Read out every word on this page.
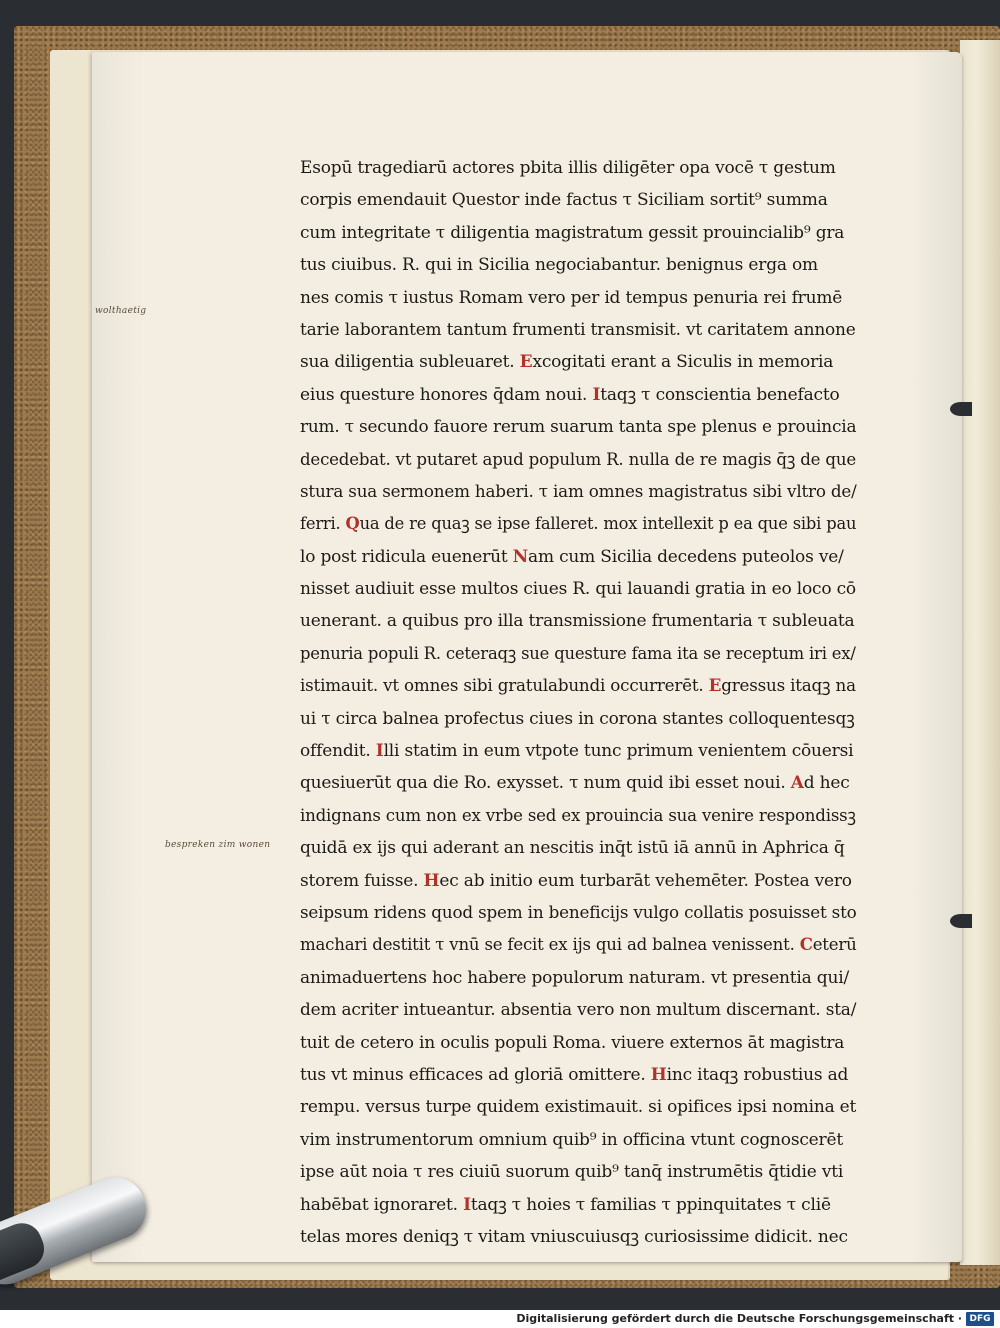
wolthaetig
bespreken zim wonen
Esopū tragediarū actores pbita illis diligēter opa vocē τ gestum
corpis emendauit Questor inde factus τ Siciliam sortit⁹ summa
cum integritate τ diligentia magistratum gessit prouincialib⁹ gra
tus ciuibus. R. qui in Sicilia negociabantur. benignus erga om
nes comis τ iustus Romam vero per id tempus penuria rei frumē
tarie laborantem tantum frumenti transmisit. vt caritatem annone
sua diligentia subleuaret. Excogitati erant a Siculis in memoria
eius questure honores q̄dam noui. Itaqꝫ τ conscientia benefacto
rum. τ secundo fauore rerum suarum tanta spe plenus e prouincia
decedebat. vt putaret apud populum R. nulla de re magis q̄ꝫ de que
stura sua sermonem haberi. τ iam omnes magistratus sibi vltro de/
ferri. Qua de re quaꝫ se ipse falleret. mox intellexit p ea que sibi pau
lo post ridicula euenerūt Nam cum Sicilia decedens puteolos ve/
nisset audiuit esse multos ciues R. qui lauandi gratia in eo loco cō
uenerant. a quibus pro illa transmissione frumentaria τ subleuata
penuria populi R. ceteraqꝫ sue questure fama ita se receptum iri ex/
istimauit. vt omnes sibi gratulabundi occurrerēt. Egressus itaqꝫ na
ui τ circa balnea profectus ciues in corona stantes colloquentesqꝫ
offendit. Illi statim in eum vtpote tunc primum venientem cōuersi
quesiuerūt qua die Ro. exysset. τ num quid ibi esset noui. Ad hec
indignans cum non ex vrbe sed ex prouincia sua venire respondissꝫ
quidā ex ijs qui aderant an nescitis inq̄t istū iā annū in Aphrica q̄
storem fuisse. Hec ab initio eum turbarāt vehemēter. Postea vero
seipsum ridens quod spem in beneficijs vulgo collatis posuisset sto
machari destitit τ vnū se fecit ex ijs qui ad balnea venissent. Ceterū
animaduertens hoc habere populorum naturam. vt presentia qui/
dem acriter intueantur. absentia vero non multum discernant. sta/
tuit de cetero in oculis populi Roma. viuere externos āt magistra
tus vt minus efficaces ad gloriā omittere. Hinc itaqꝫ robustius ad
rempu. versus turpe quidem existimauit. si opifices ipsi nomina et
vim instrumentorum omnium quib⁹ in officina vtunt cognoscerēt
ipse aūt noia τ res ciuiū suorum quib⁹ tanq̄ instrumētis q̄tidie vti
habēbat ignoraret. Itaqꝫ τ hoies τ familias τ ppinquitates τ cliē
telas mores deniqꝫ τ vitam vniuscuiusqꝫ curiosissime didicit. nec
Digitalisierung gefördert durch die Deutsche Forschungsgemeinschaft · DFG
